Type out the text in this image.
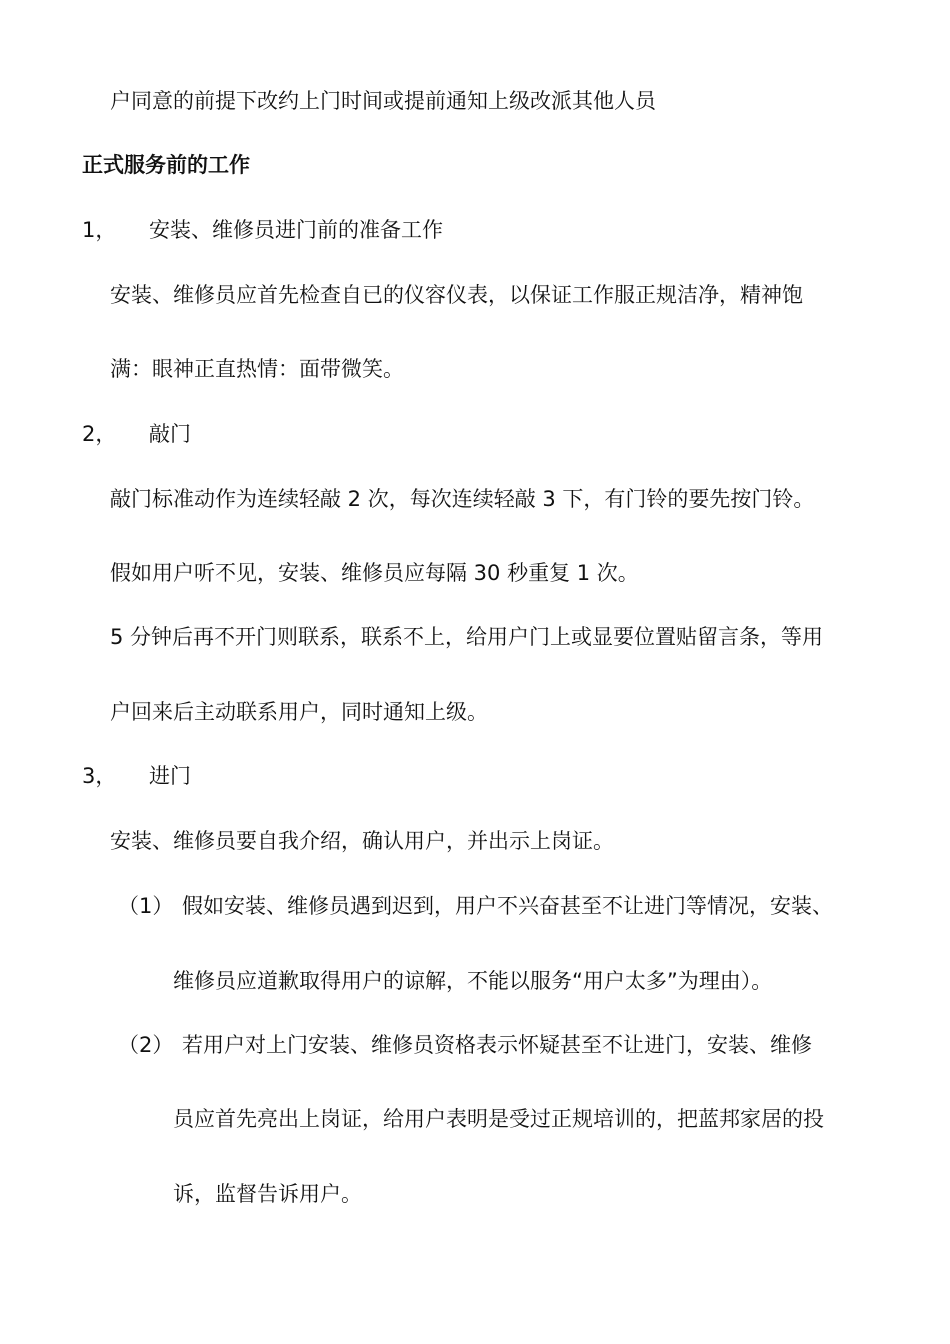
户同意的前提下改约上门时间或提前通知上级改派其他人员
正式服务前的工作
1， 安装、维修员进门前的准备工作
安装、维修员应首先检查自已的仪容仪表，以保证工作服正规洁净，精神饱
满：眼神正直热情：面带微笑。
2， 敲门
敲门标准动作为连续轻敲 2 次，每次连续轻敲 3 下，有门铃的要先按门铃。
假如用户听不见，安装、维修员应每隔 30 秒重复 1 次。
5 分钟后再不开门则联系，联系不上，给用户门上或显要位置贴留言条，等用
户回来后主动联系用户，同时通知上级。
3， 进门
安装、维修员要自我介绍，确认用户，并出示上岗证。
（1） 假如安装、维修员遇到迟到，用户不兴奋甚至不让进门等情况，安装、
维修员应道歉取得用户的谅解，不能以服务“用户太多”为理由）。
（2） 若用户对上门安装、维修员资格表示怀疑甚至不让进门，安装、维修
员应首先亮出上岗证，给用户表明是受过正规培训的，把蓝邦家居的投
诉，监督告诉用户。
